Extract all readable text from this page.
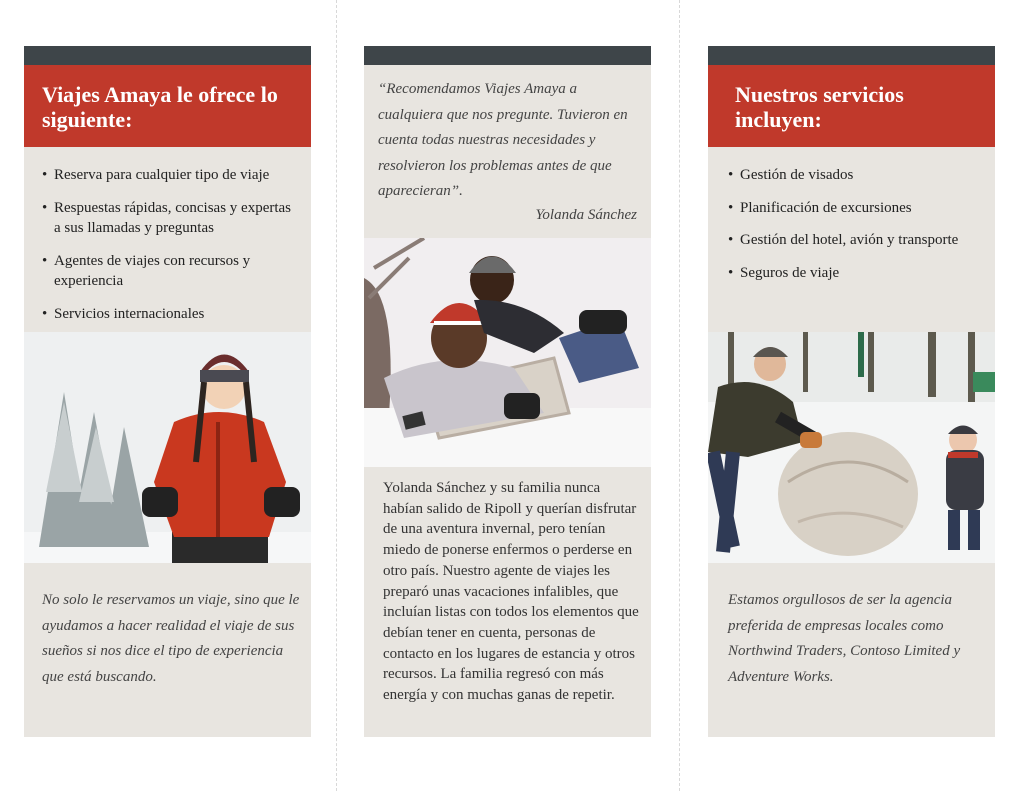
Viajes Amaya le ofrece lo siguiente:
• Reserva para cualquier tipo de viaje
• Respuestas rápidas, concisas y expertas a sus llamadas y preguntas
• Agentes de viajes con recursos y experiencia
• Servicios internacionales

No solo le reservamos un viaje, sino que le ayudamos a hacer realidad el viaje de sus sueños si nos dice el tipo de experiencia que está buscando.

“Recomendamos Viajes Amaya a cualquiera que nos pregunte. Tuvieron en cuenta todas nuestras necesidades y resolvieron los problemas antes de que aparecieran”.

Yolanda Sánchez

Yolanda Sánchez y su familia nunca habían salido de Ripoll y querían disfrutar de una aventura invernal, pero tenían miedo de ponerse enfermos o perderse en otro país. Nuestro agente de viajes les preparó unas vacaciones infalibles, que incluían listas con todos los elementos que debían tener en cuenta, personas de contacto en los lugares de estancia y otros recursos. La familia regresó con más energía y con muchas ganas de repetir.

Nuestros servicios incluyen:
• Gestión de visados
• Planificación de excursiones
• Gestión del hotel, avión y transporte
• Seguros de viaje

Estamos orgullosos de ser la agencia preferida de empresas locales como Northwind Traders, Contoso Limited y Adventure Works.
